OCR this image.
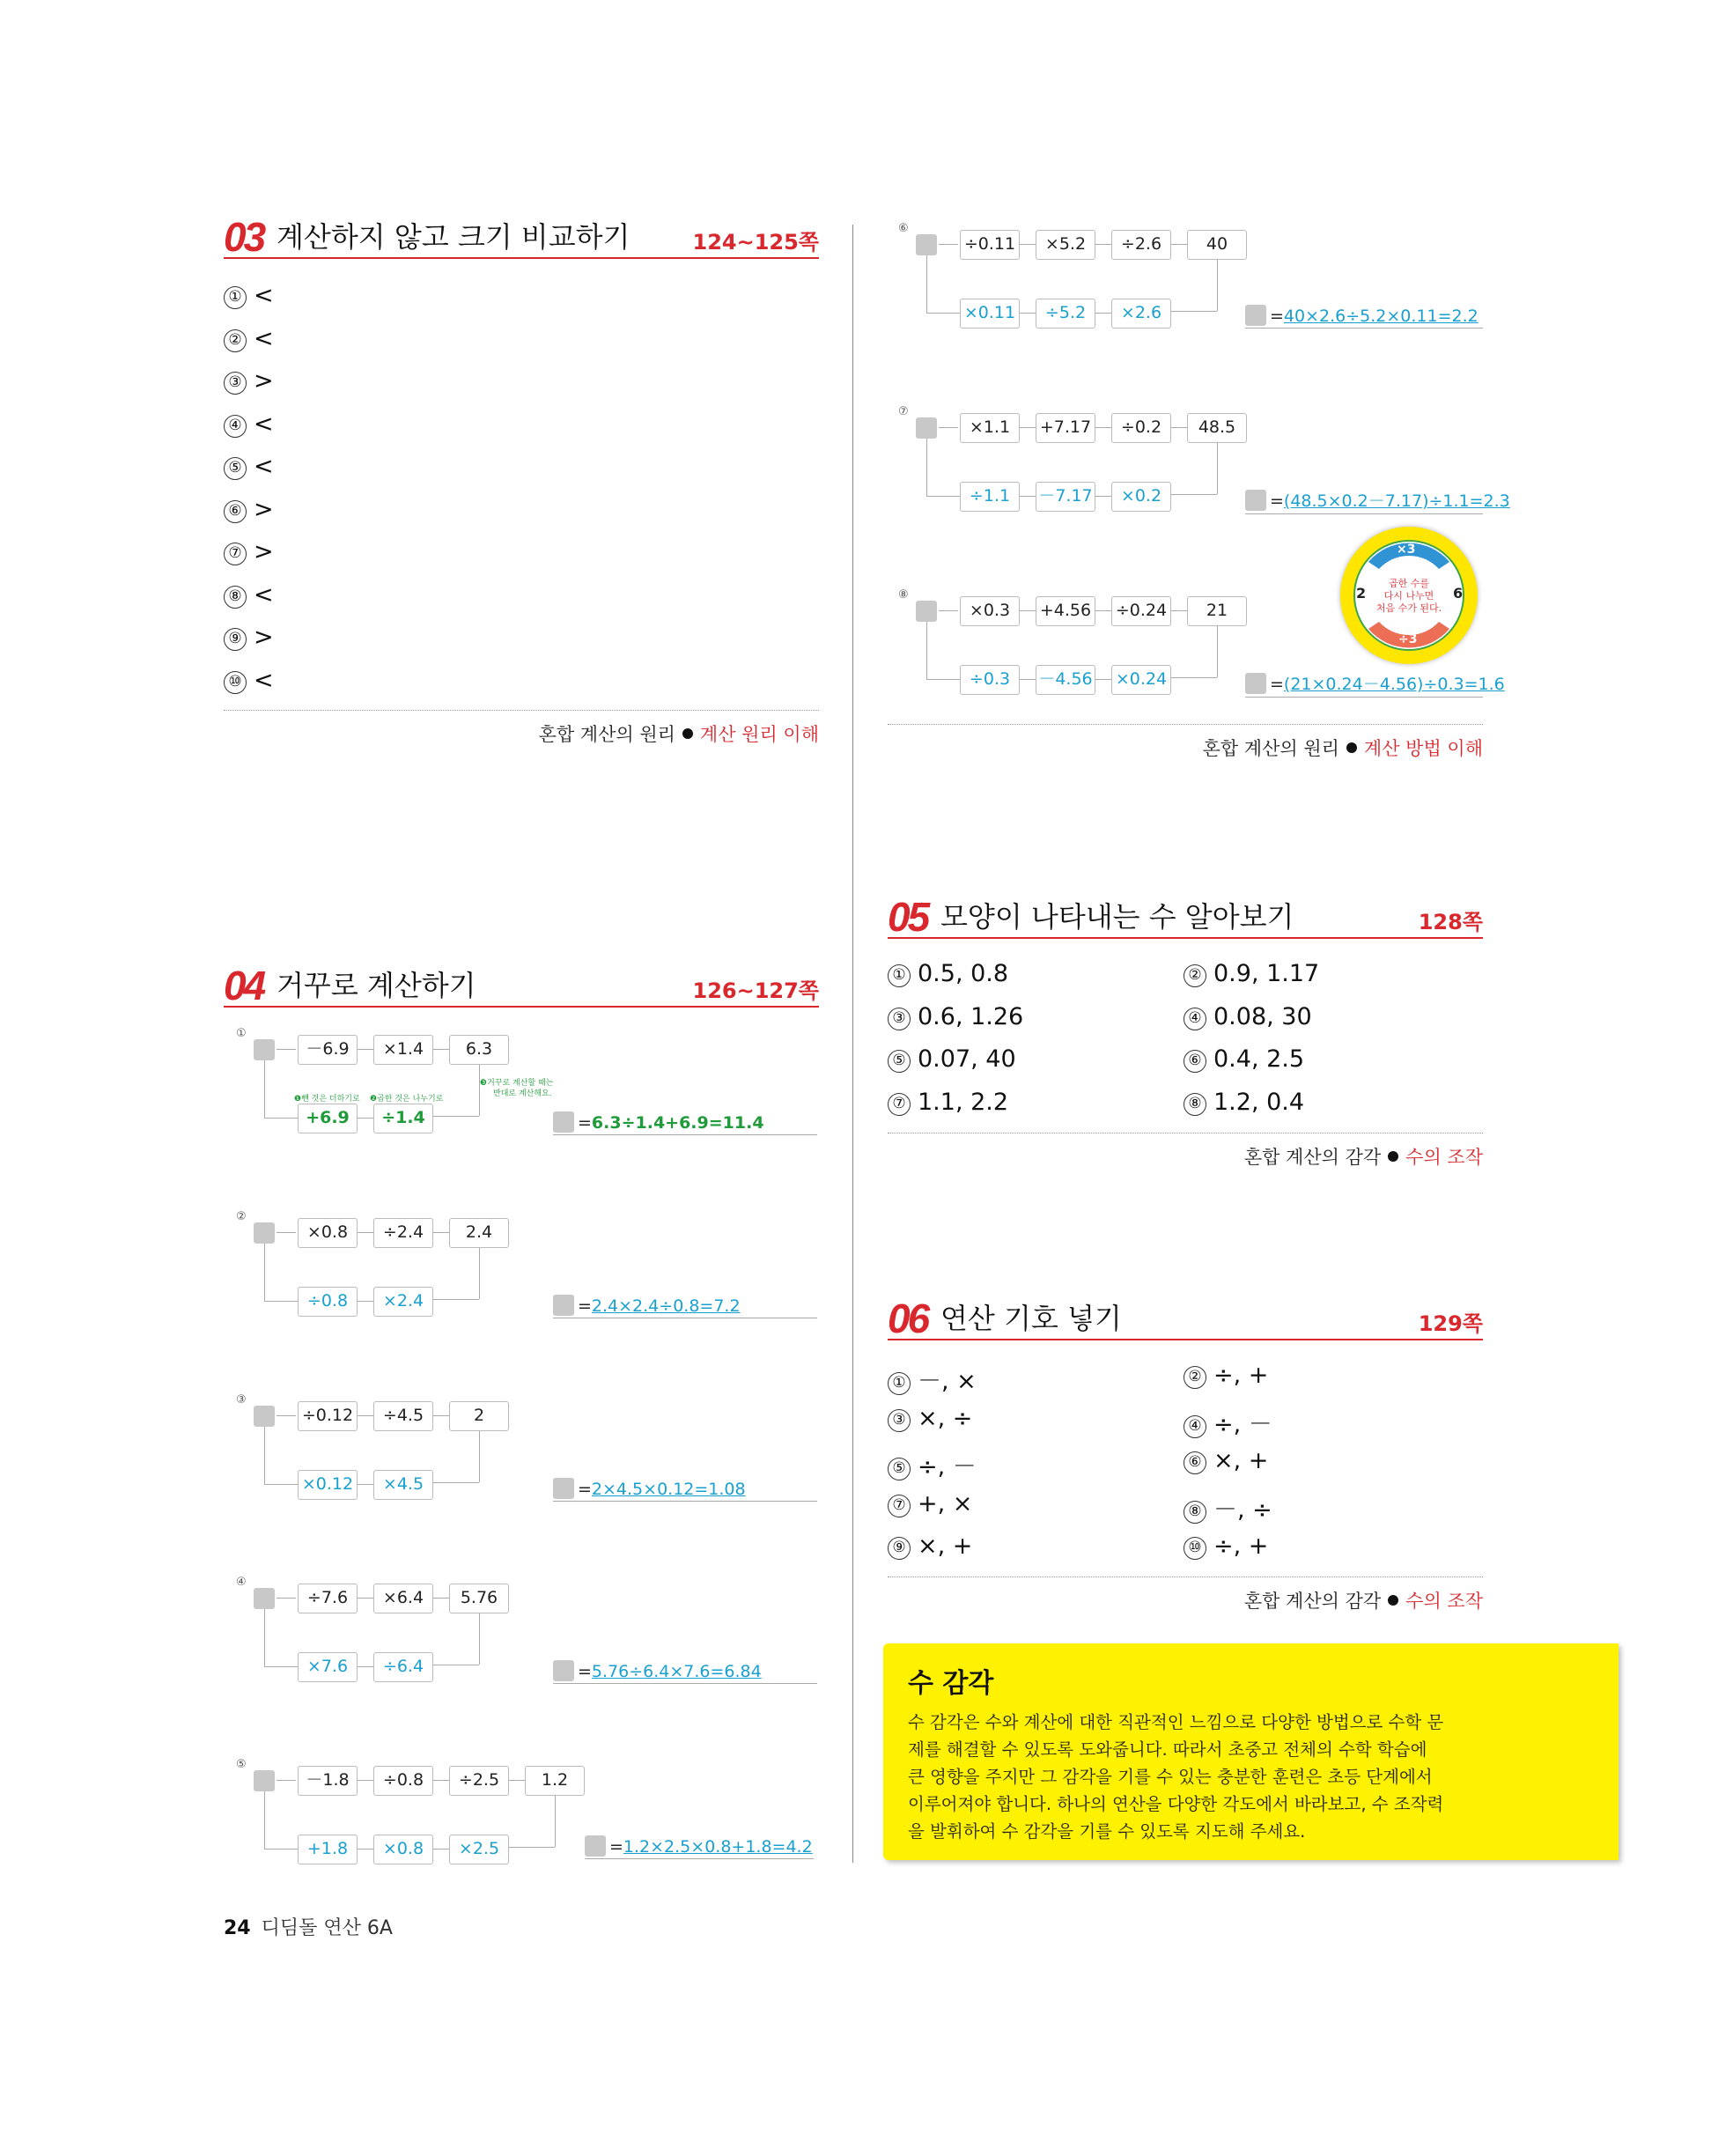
03 계산하지 않고 크기 비교하기	124~125쪽
① <
② <
③ >
④ <
⑤ <
⑥ >
⑦ >
⑧ <
⑨ >
⑩ <
혼합 계산의 원리 계산 원리 이해
04 거꾸로 계산하기	126~127쪽
①
－6.9	×1.4	6.3
+6.9	÷1.4	=6.3÷1.4+6.9=11.4
②
×0.8	÷2.4	2.4
÷0.8	×2.4	=2.4×2.4÷0.8=7.2
③
÷0.12	÷4.5	2
×0.12	×4.5	=2×4.5×0.12=1.08
④
÷7.6	×6.4	5.76
×7.6	÷6.4	=5.76÷6.4×7.6=6.84
⑤
－1.8	÷0.8	÷2.5	1.2
+1.8	×0.8	×2.5	=1.2×2.5×0.8+1.8=4.2
❶뺀 것은 더하기로 ❷곱한 것은 나누기로
❸거꾸로 계산할 때는
반대로 계산해요.
⑥
÷0.11	×5.2	÷2.6	40
×0.11	÷5.2	×2.6	=40×2.6÷5.2×0.11=2.2
⑦
×1.1	+7.17	÷0.2	48.5
÷1.1	－7.17	×0.2	=(48.5×0.2－7.17)÷1.1=2.3
⑧
×0.3	+4.56 ÷0.24	21
÷0.3	－4.56 ×0.24	=(21×0.24－4.56)÷0.3=1.6
혼합 계산의 원리 계산 방법 이해
×3
÷3
2	6
곱한 수를
다시 나누면
처음 수가 된다.
05 모양이 나타내는 수 알아보기	128쪽
① 0.5, 0.8	② 0.9, 1.17
③ 0.6, 1.26	④ 0.08, 30
⑤ 0.07, 40	⑥ 0.4, 2.5
⑦ 1.1, 2.2	⑧ 1.2, 0.4
혼합 계산의 감각 수의 조작
06 연산 기호 넣기	129쪽
① －, ×	② ÷, +
③ ×, ÷	④ ÷, －
⑤ ÷, －	⑥ ×, +
⑦ +, ×	⑧ －, ÷
⑨ ×, +	⑩ ÷, +
혼합 계산의 감각 수의 조작
수 감각

수 감각은 수와 계산에 대한 직관적인 느낌으로 다양한 방법으로 수학 문
제를 해결할 수 있도록 도와줍니다. 따라서 초중고 전체의 수학 학습에
큰 영향을 주지만 그 감각을 기를 수 있는 충분한 훈련은 초등 단계에서
이루어져야 합니다. 하나의 연산을 다양한 각도에서 바라보고, 수 조작력
을 발휘하여 수 감각을 기를 수 있도록 지도해 주세요.

24 디딤돌 연산 6A
